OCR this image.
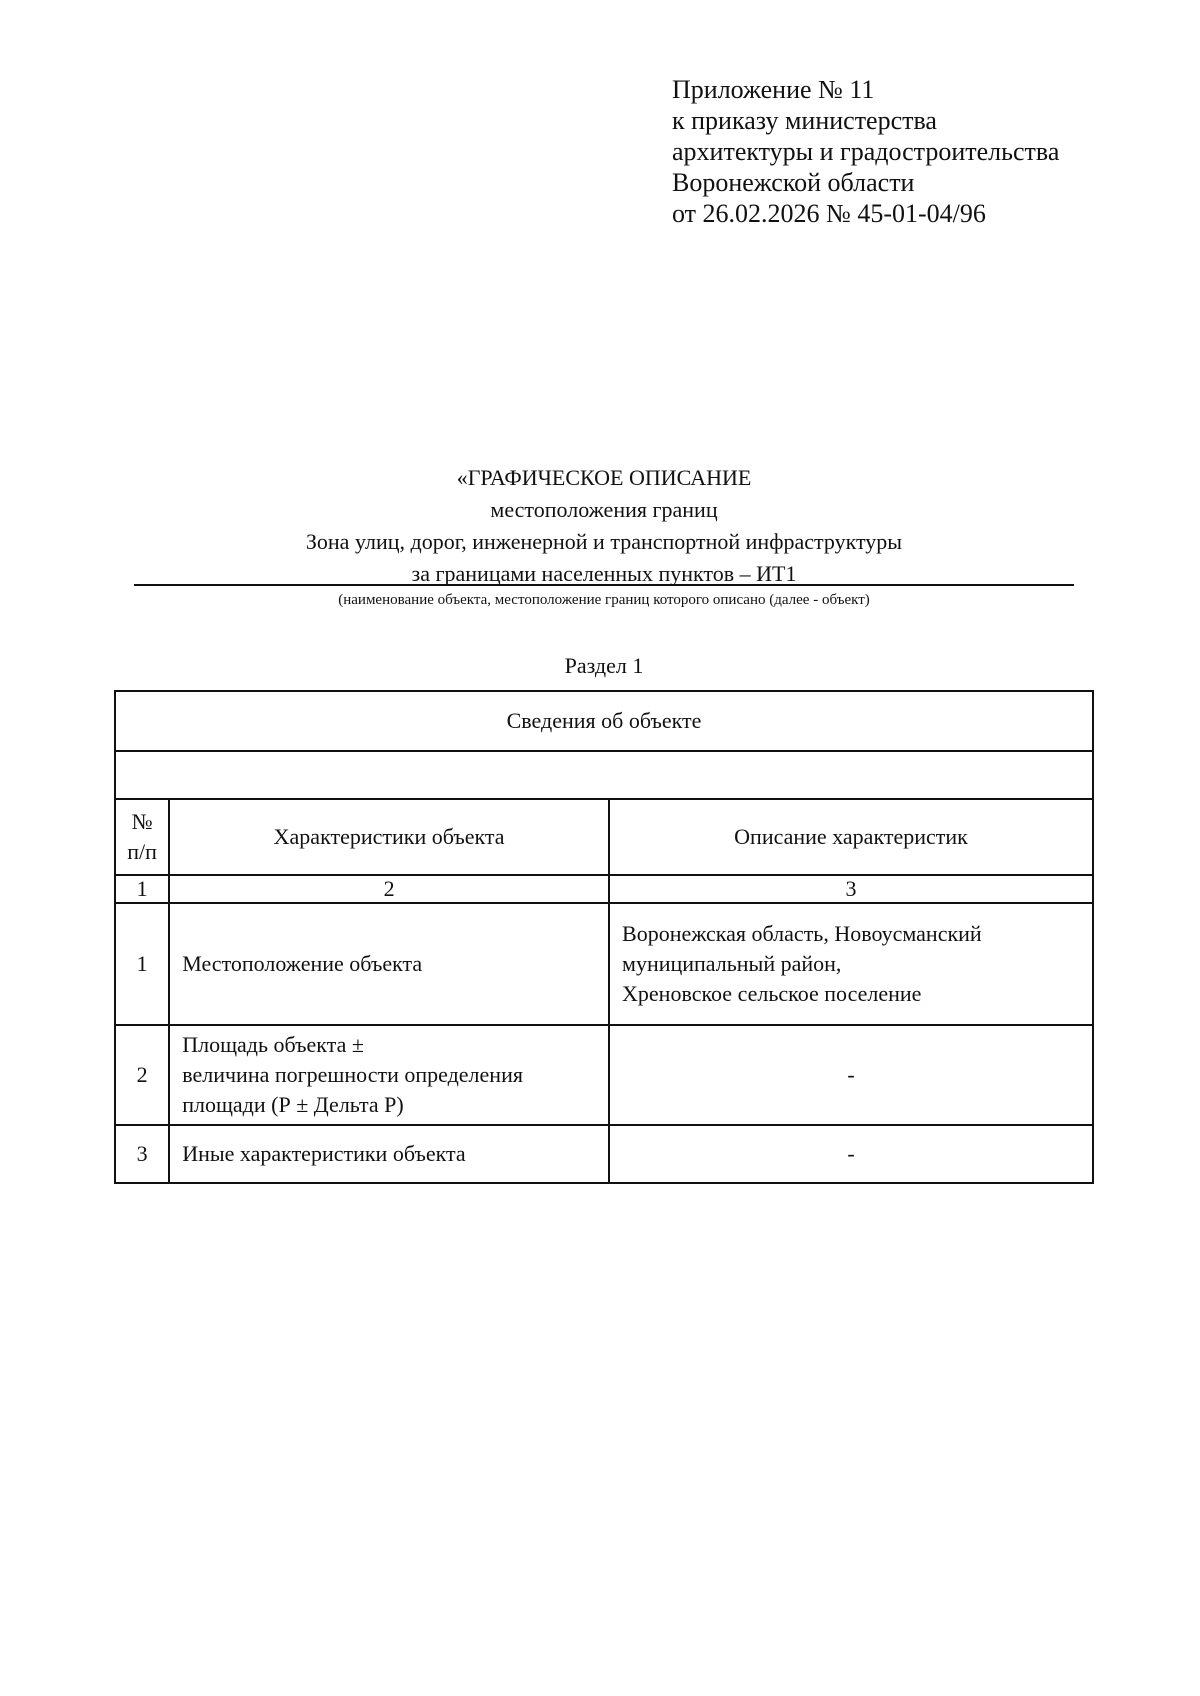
Приложение № 11
к приказу министерства
архитектуры и градостроительства
Воронежской области
от 26.02.2026 № 45-01-04/96
«ГРАФИЧЕСКОЕ ОПИСАНИЕ
местоположения границ
Зона улиц, дорог, инженерной и транспортной инфраструктуры
за границами населенных пунктов – ИТ1
(наименование объекта, местоположение границ которого описано (далее - объект)
Раздел 1
Сведения об объекте		

№
п/п	Характеристики объекта	Описание характеристик
1	2	3
1	Местоположение объекта	Воронежская область, Новоусманский
муниципальный район,
Хреновское сельское поселение

2	Площадь объекта ±
величина погрешности определения
площади (Р ± Дельта Р)	-

3	Иные характеристики объекта	-
